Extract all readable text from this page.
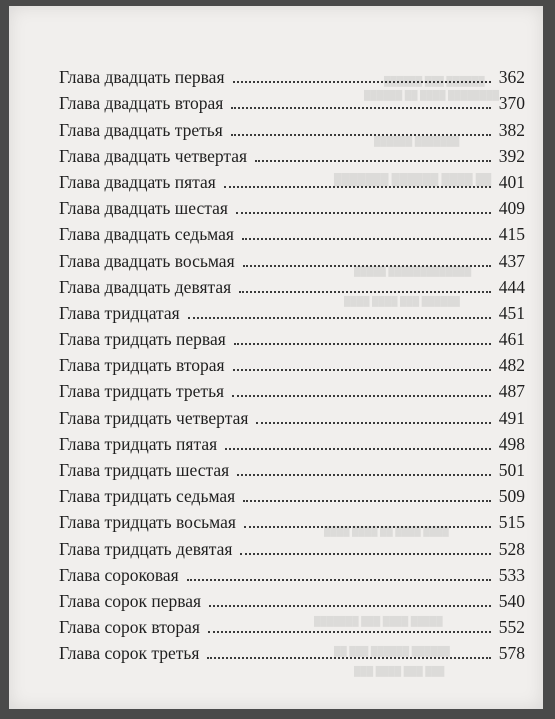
██████ ███ ██████
████████ ████ ██ ██████
███████ ██████
██ ████ ██████ ███████
█████████████ █████
██████ ███ ████ ████
████ ████ ██ ████ ████
█████ ████ ███ ███████
██████ ██████ ███ ██
███ ███ ████ ███
Глава двадцать первая	362
Глава двадцать вторая	370
Глава двадцать третья	382
Глава двадцать четвертая	392
Глава двадцать пятая	401
Глава двадцать шестая	409
Глава двадцать седьмая	415
Глава двадцать восьмая	437
Глава двадцать девятая	444
Глава тридцатая	451
Глава тридцать первая	461
Глава тридцать вторая	482
Глава тридцать третья	487
Глава тридцать четвертая	491
Глава тридцать пятая	498
Глава тридцать шестая	501
Глава тридцать седьмая	509
Глава тридцать восьмая	515
Глава тридцать девятая	528
Глава сороковая	533
Глава сорок первая	540
Глава сорок вторая	552
Глава сорок третья	578
